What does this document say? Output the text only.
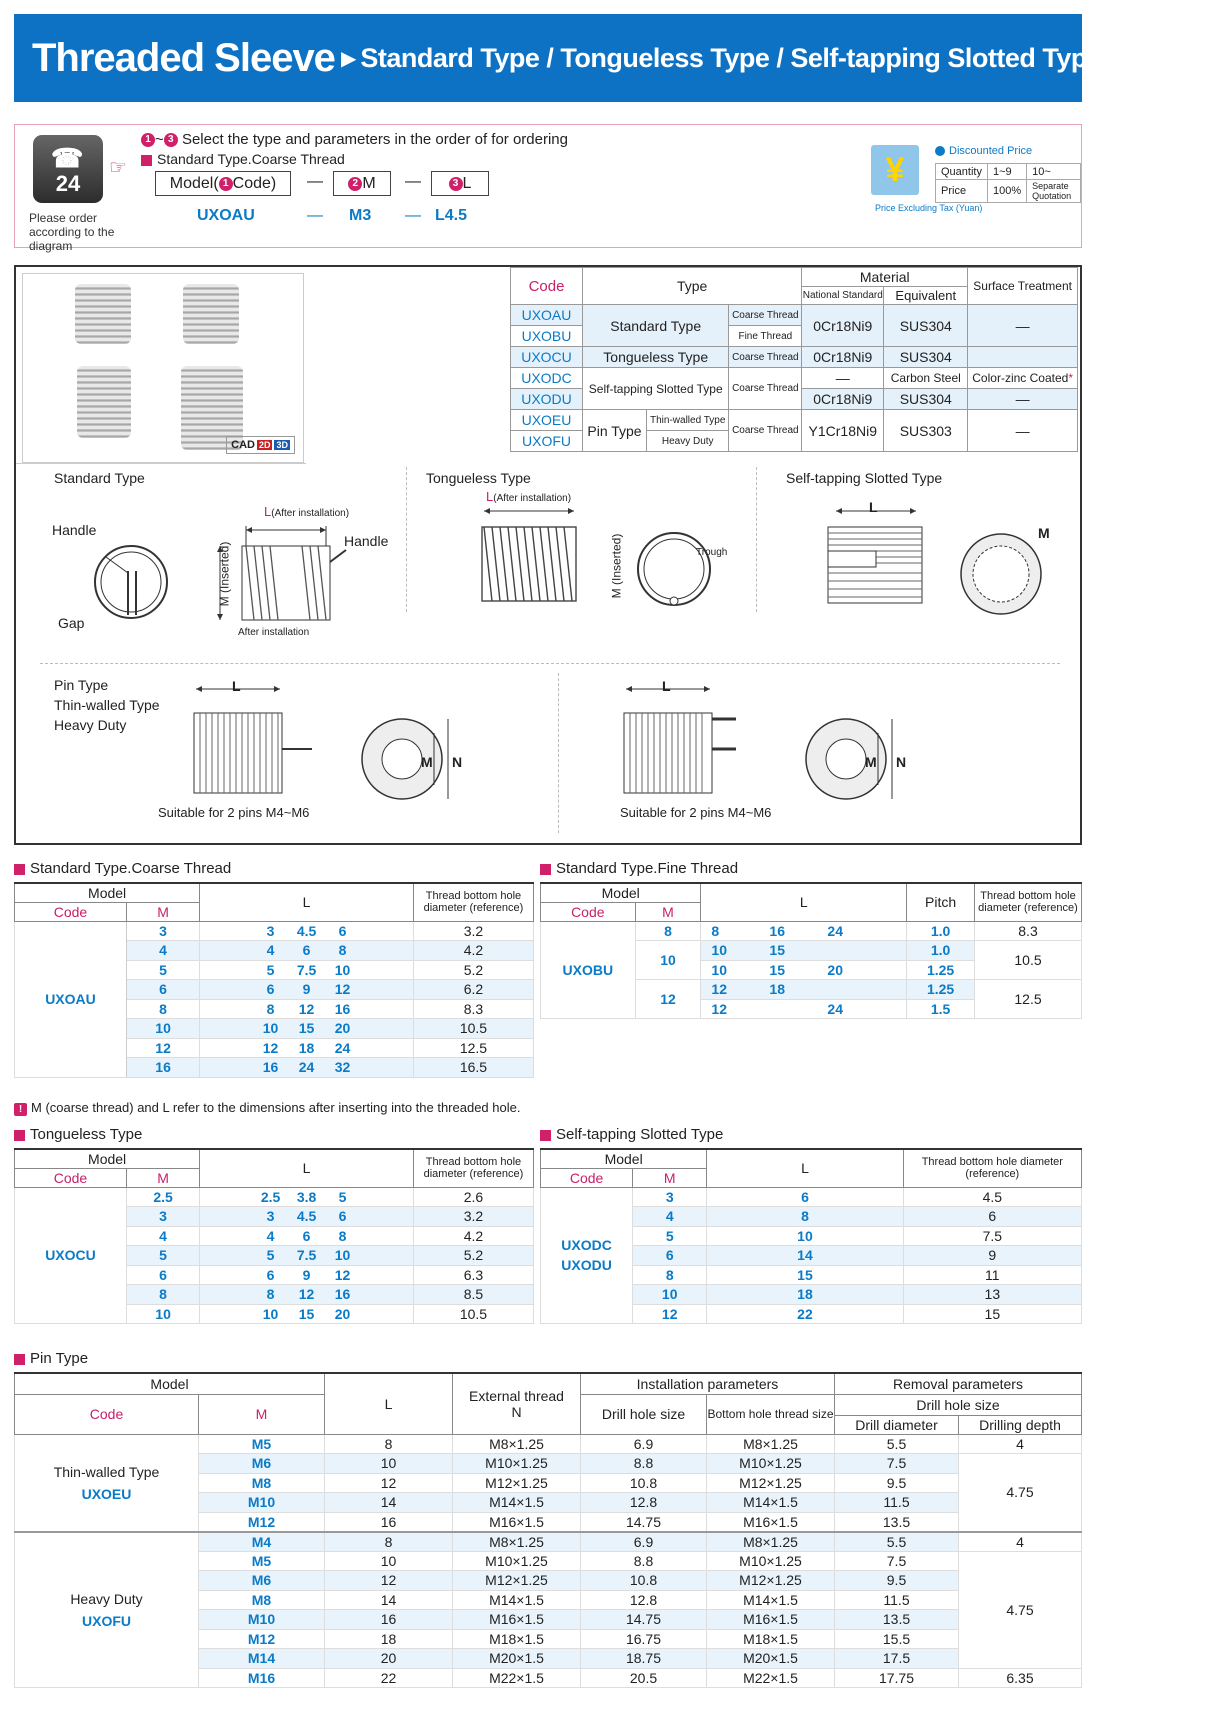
Threaded Sleeve ▶ Standard Type / Tongueless Type / Self-tapping Slotted Type / Pin Type
☎
24
Please order according to the diagram
☞
1 ~ 3 Select the type and parameters in the order of for ordering
Standard Type.Coarse Thread
Model( 1 Code) —	2 M —	3 L
UXOAU	— M3 — L4.5
¥	Discounted Price
Quantity	1~9	10~
Price	100%	Separate Quotation
Price Excluding Tax (Yuan)
CAD 2D 3D
Code	Type			Material		Surface Treatment
				National Standard	Equivalent	
UXOAU	Standard Type		Coarse Thread	0Cr18Ni9	SUS304	—
UXOBU			Fine Thread			
UXOCU	Tongueless Type		Coarse Thread	0Cr18Ni9	SUS304	
UXODC	Self-tapping Slotted Type		Coarse Thread	—	Carbon Steel	Color-zinc Coated*
UXODU				0Cr18Ni9	SUS304	—
UXOEU	Pin Type	Thin-walled Type	Coarse Thread	Y1Cr18Ni9	SUS303	—
UXOFU		Heavy Duty				
Standard Type	Tongueless Type	Self-tapping Slotted Type
Handle
Gap
L(After installation)
M (Inserted)
Handle
After installation
L(After installation)
M (Inserted)	Trough
L
M
Pin Type
Thin-walled Type
Heavy Duty
L
M N
Suitable for 2 pins M4~M6
L
M N
Suitable for 2 pins M4~M6
Standard Type.Coarse Thread
Model		L	Thread bottom hole diameter (reference)
Code	M		
UXOAU	3	3 4.5 6	3.2
	4	4 6 8	4.2
	5	5 7.5 10	5.2
	6	6 9 12	6.2
	8	8 12 16	8.3
	10	10 15 20	10.5
	12	12 18 24	12.5
	16	16 24 32	16.5
! M (coarse thread) and L refer to the dimensions after inserting into the threaded hole.
Standard Type.Fine Thread
Model		L	Pitch	Thread bottom hole diameter (reference)
Code	M			
UXOBU	8	8 16 24	1.0	8.3
	10	10 15	1.0	10.5
		10 15 20	1.25	
	12	12 18	1.25	12.5
		12 24	1.5	
Tongueless Type
Model		L	Thread bottom hole diameter (reference)
Code	M		
UXOCU	2.5	2.5 3.8 5	2.6
	3	3 4.5 6	3.2
	4	4 6 8	4.2
	5	5 7.5 10	5.2
	6	6 9 12	6.3
	8	8 12 16	8.5
	10	10 15 20	10.5
Self-tapping Slotted Type
Model		L	Thread bottom hole diameter (reference)
Code	M		

UXODC
UXODU	3	6	4.5
	4	8	6
	5	10	7.5
	6	14	9
	8	15	11
	10	18	13
	12	22	15
Pin Type
Model		L	External thread
N	Installation parameters		Removal parameters	
Code	M			Drill hole size	Bottom hole thread size	Drill hole size	
						Drill diameter	Drilling depth

Thin-walled Type
UXOEU	M5	8	M8×1.25	6.9	M8×1.25	5.5	4
	M6	10	M10×1.25	8.8	M10×1.25	7.5	4.75
	M8	12	M12×1.25	10.8	M12×1.25	9.5	
	M10	14	M14×1.5	12.8	M14×1.5	11.5	
	M12	16	M16×1.5	14.75	M16×1.5	13.5	

Heavy Duty
UXOFU	M4	8	M8×1.25	6.9	M8×1.25	5.5	4
	M5	10	M10×1.25	8.8	M10×1.25	7.5	4.75
	M6	12	M12×1.25	10.8	M12×1.25	9.5	
	M8	14	M14×1.5	12.8	M14×1.5	11.5	
	M10	16	M16×1.5	14.75	M16×1.5	13.5	
	M12	18	M18×1.5	16.75	M18×1.5	15.5	
	M14	20	M20×1.5	18.75	M20×1.5	17.5	
	M16	22	M22×1.5	20.5	M22×1.5	17.75	6.35
